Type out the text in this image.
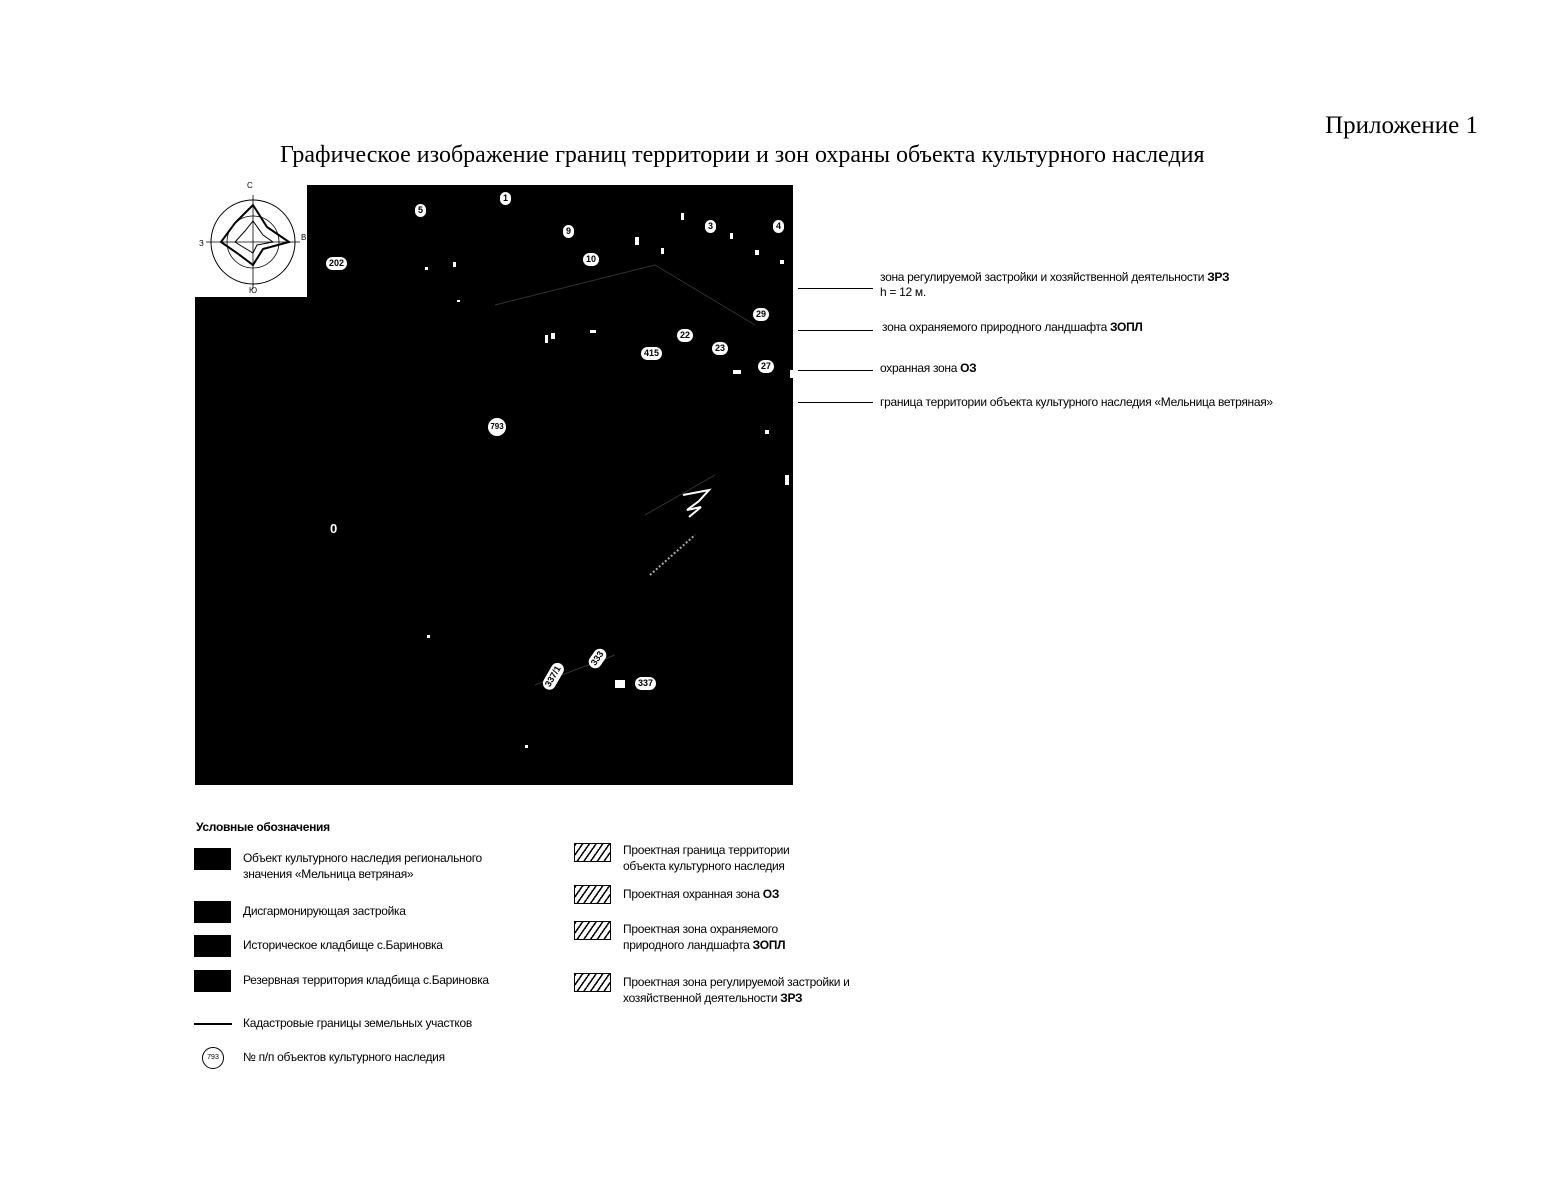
Приложение 1
Графическое изображение границ территории и зон охраны объекта культурного наследия
С
Ю
В
З
202	10
415
793
0
333
337
337/1
22
23
29
27
9
5
1
3	4
зона регулируемой застройки и хозяйственной деятельности ЗРЗ
h = 12 м.
зона охраняемого природного ландшафта ЗОПЛ
охранная зона ОЗ
граница территории объекта культурного наследия «Мельница ветряная»
Условные обозначения
Объект культурного наследия регионального
значения «Мельница ветряная»
Дисгармонирующая застройка
Историческое кладбище с.Бариновка
Резервная территория кладбища с.Бариновка
Кадастровые границы земельных участков
793	№ п/п объектов культурного наследия
Проектная граница территории
объекта культурного наследия
Проектная охранная зона ОЗ
Проектная зона охраняемого
природного ландшафта ЗОПЛ
Проектная зона регулируемой застройки и
хозяйственной деятельности ЗРЗ
